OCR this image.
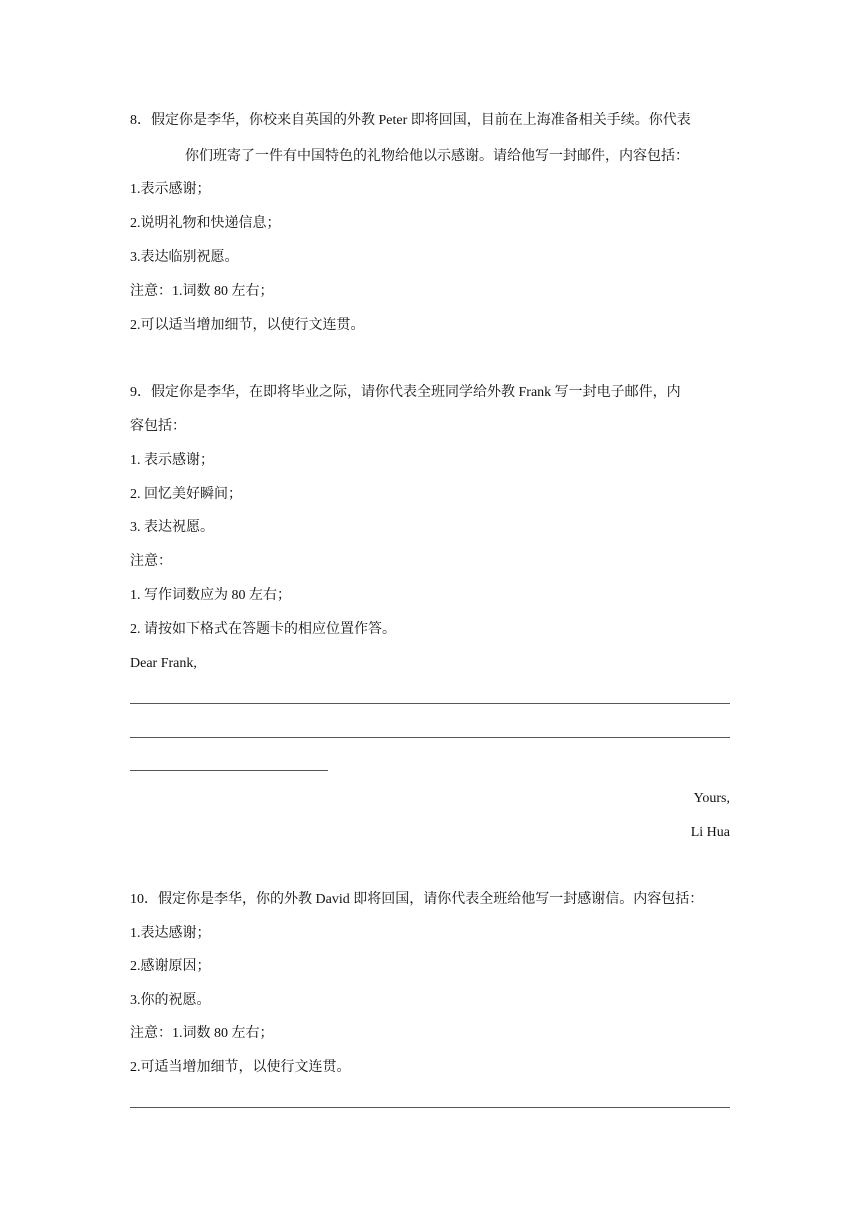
8．假定你是李华，你校来自英国的外教 Peter 即将回国，目前在上海准备相关手续。你代表
你们班寄了一件有中国特色的礼物给他以示感谢。请给他写一封邮件，内容包括：
1.表示感谢；
2.说明礼物和快递信息；
3.表达临别祝愿。
注意：1.词数 80 左右；
2.可以适当增加细节，以使行文连贯。
9．假定你是李华，在即将毕业之际，请你代表全班同学给外教 Frank 写一封电子邮件，内
容包括：
1. 表示感谢；
2. 回忆美好瞬间；
3. 表达祝愿。
注意：
1. 写作词数应为 80 左右；
2. 请按如下格式在答题卡的相应位置作答。
Dear Frank,
Yours,
Li Hua
10．假定你是李华，你的外教 David 即将回国，请你代表全班给他写一封感谢信。内容包括：
1.表达感谢；
2.感谢原因；
3.你的祝愿。
注意：1.词数 80 左右；
2.可适当增加细节，以使行文连贯。
